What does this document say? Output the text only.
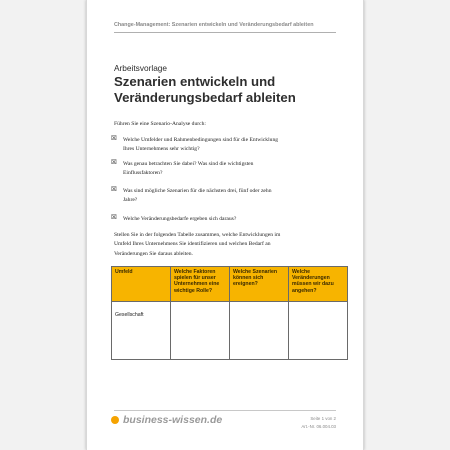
Change-Management: Szenarien entwickeln und Veränderungsbedarf ableiten
Arbeitsvorlage
Szenarien entwickeln und
Veränderungsbedarf ableiten
Führen Sie eine Szenario-Analyse durch:
☒ Welche Umfelder und Rahmenbedingungen sind für die Entwicklung
Ihres Unternehmens sehr wichtig?
☒ Was genau betrachten Sie dabei? Was sind die wichtigsten
Einflussfaktoren?
☒ Was sind mögliche Szenarien für die nächsten drei, fünf oder zehn
Jahre?
☒ Welche Veränderungsbedarfe ergeben sich daraus?
Stellen Sie in der folgenden Tabelle zusammen, welche Entwicklungen im
Umfeld Ihres Unternehmens Sie identifizieren und welchen Bedarf an
Veränderungen Sie daraus ableiten.
Umfeld	Welche Faktoren spielen für unser Unternehmen eine wichtige Rolle?	Welche Szenarien können sich ereignen?	Welche Veränderungen müssen wir dazu angehen?
Gesellschaft			
business-wissen.de	Seite 1 von 2
Art.-Nr. 06.004.03
